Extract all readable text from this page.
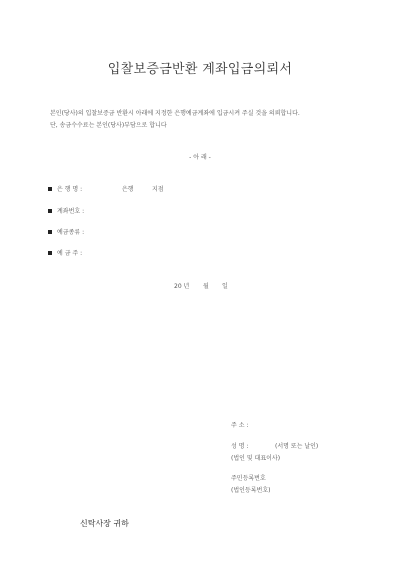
입찰보증금반환 계좌입금의뢰서
본인(당사)의 입찰보증금 반환시 아래에 지정한 은행예금계좌에 입금시켜 주실 것을 의뢰합니다.
단, 송금수수료는 본인(당사)부담으로 합니다
- 아 래 -
은 행 명 :	은행	지점
계좌번호 :
예금종류 :
예 금 주 :
20 년 월 일
주 소 :
성 명 :	(서명 또는 날인)
(법인 및 대표이사)
주민등록번호
(법인등록번호)
신탁사장 귀하
